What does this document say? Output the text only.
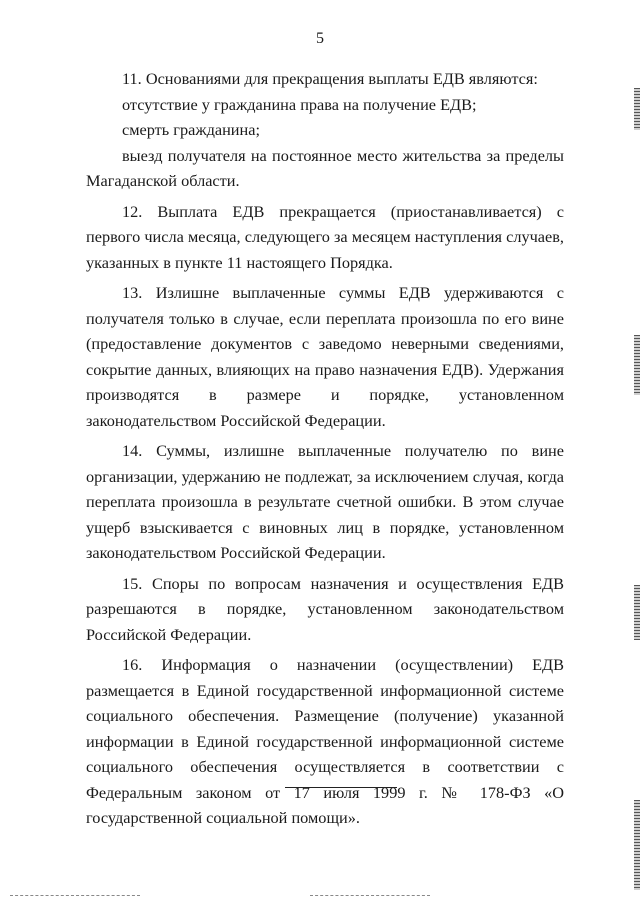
5

11. Основаниями для прекращения выплаты ЕДВ являются:

отсутствие у гражданина права на получение ЕДВ;

смерть гражданина;

выезд получателя на постоянное место жительства за пределы Магаданской области.

12. Выплата ЕДВ прекращается (приостанавливается) с первого числа месяца, следующего за месяцем наступления случаев, указанных в пункте 11 настоящего Порядка.

13. Излишне выплаченные суммы ЕДВ удерживаются с получателя только в случае, если переплата произошла по его вине (предоставление документов с заведомо неверными сведениями, сокрытие данных, влияющих на право назначения ЕДВ). Удержания производятся в размере и порядке, установленном законодательством Российской Федерации.

14. Суммы, излишне выплаченные получателю по вине организации, удержанию не подлежат, за исключением случая, когда переплата произошла в результате счетной ошибки. В этом случае ущерб взыскивается с виновных лиц в порядке, установленном законодательством Российской Федерации.

15. Споры по вопросам назначения и осуществления ЕДВ разрешаются в порядке, установленном законодательством Российской Федерации.

16. Информация о назначении (осуществлении) ЕДВ размещается в Единой государственной информационной системе социального обеспечения. Размещение (получение) указанной информации в Единой государственной информационной системе социального обеспечения осуществляется в соответствии с Федеральным законом от 17 июля 1999 г. № 178-ФЗ «О государственной социальной помощи».
